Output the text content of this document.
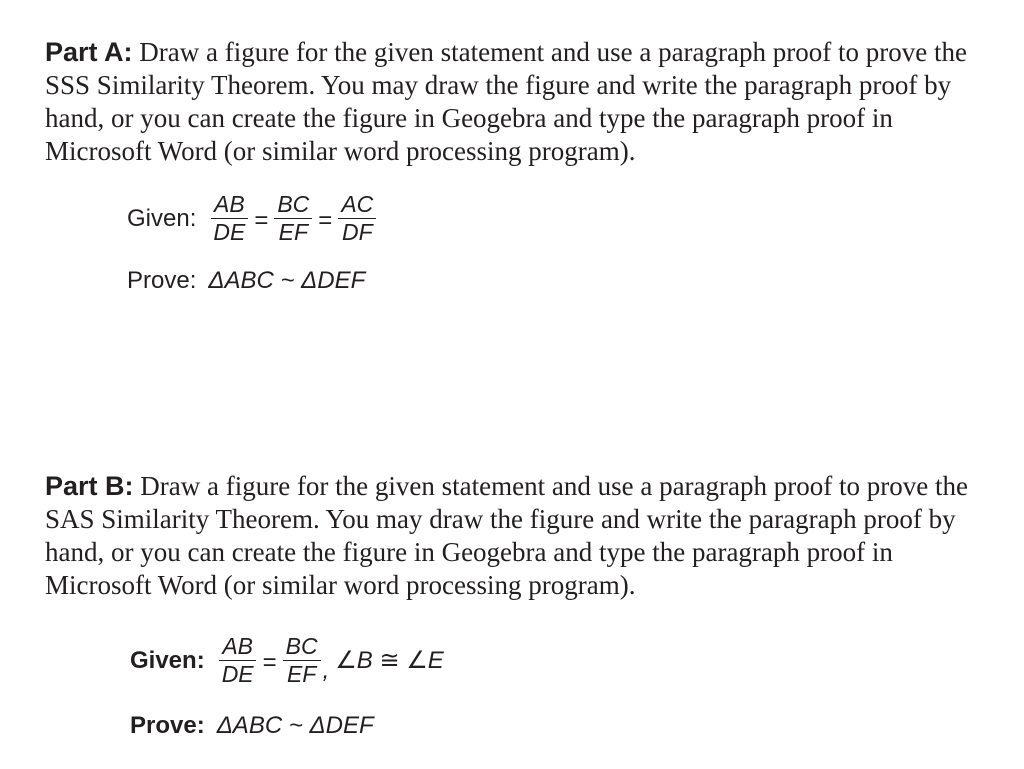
Part A: Draw a figure for the given statement and use a paragraph proof to prove the SSS Similarity Theorem. You may draw the figure and write the paragraph proof by hand, or you can create the figure in Geogebra and type the paragraph proof in Microsoft Word (or similar word processing program).
Given: $\frac{AB}{DE} = \frac{BC}{EF} = \frac{AC}{DF}$
Prove: ΔABC ~ ΔDEF
Part B: Draw a figure for the given statement and use a paragraph proof to prove the SAS Similarity Theorem. You may draw the figure and write the paragraph proof by hand, or you can create the figure in Geogebra and type the paragraph proof in Microsoft Word (or similar word processing program).
Given: $\frac{AB}{DE} = \frac{BC}{EF}$ , ∠B ≅ ∠E
Prove: ΔABC ~ ΔDEF
